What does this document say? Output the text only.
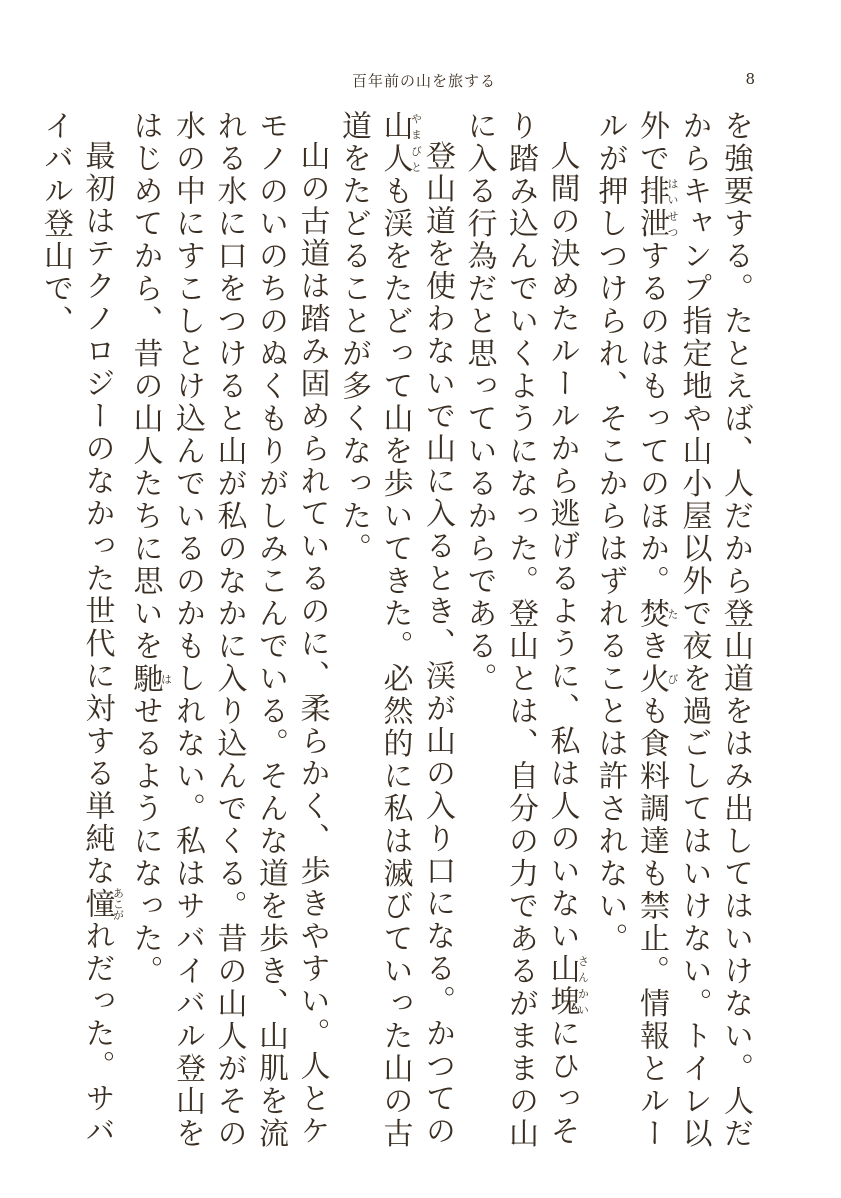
百年前の山を旅する	8

を強要する。たとえば、人だから登山道をはみ出してはいけない。人だからキャンプ指定地や山小屋以外で夜を過ごしてはいけない。トイレ以外で排泄はいせつするのはもってのほか。焚たき火びも食料調達も禁止。情報とルールが押しつけられ、そこからはずれることは許されない。

人間の決めたルールから逃げるように、私は人のいない山塊さんかいにひっそり踏み込んでいくようになった。登山とは、自分の力であるがままの山に入る行為だと思っているからである。

登山道を使わないで山に入るとき、渓が山の入り口になる。かつての山人やまびとも渓をたどって山を歩いてきた。必然的に私は滅びていった山の古道をたどることが多くなった。

山の古道は踏み固められているのに、柔らかく、歩きやすい。人とケモノのいのちのぬくもりがしみこんでいる。そんな道を歩き、山肌を流れる水に口をつけると山が私のなかに入り込んでくる。昔の山人がその水の中にすこしとけ込んでいるのかもしれない。私はサバイバル登山をはじめてから、昔の山人たちに思いを馳はせるようになった。

最初はテクノロジーのなかった世代に対する単純な憧あこがれだった。サバイバル登山で、
